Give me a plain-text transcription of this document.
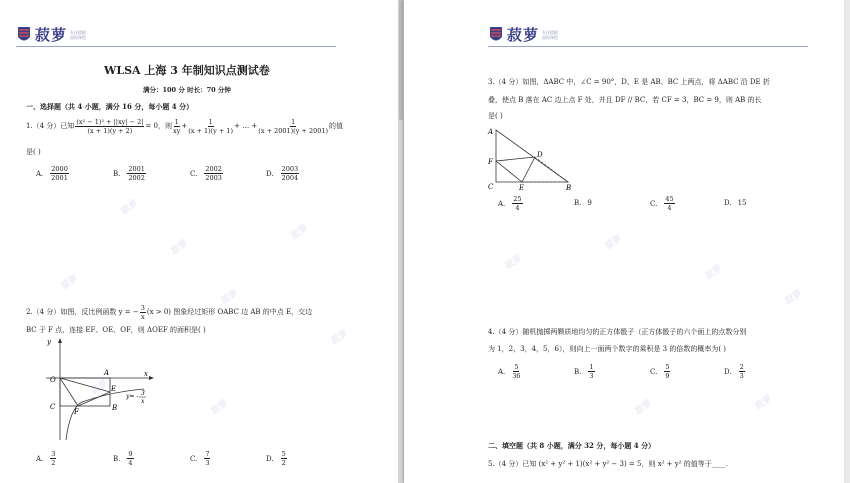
菽萝 专注精细
国际课程
WLSA 上海 3 年制知识点测试卷
满分：100 分 时长：70 分钟
一、选择题（共 4 小题，满分 16 分，每小题 4 分）
1.（4 分）已知 $\frac{\text{(x² − 1)² + ||xy| − 2|}}{(x + 1)(y + 2)} = 0$，则 $\frac{1}{xy} + \frac{1}{(x + 1)(y + 1)}$ + … + $\frac{1}{(x + 2001)(y + 2001)}$ 的值
是( )
A. $\frac{2000}{2001}$	B. $\frac{2001}{2002}$	C. $\frac{2002}{2003}$	D. $\frac{2003}{2004}$
菽萝
菽萝
菽萝
菽萝
菽萝
菽萝
菽萝
菽萝
2.（4 分）如图，反比例函数 y = − $\frac{3}{x} (x > 0)$ 图象经过矩形 OABC 边 AB 的中点 E，交边
BC 于 F 点，连接 EF、OE、OF，则 ΔOEF 的面积是( )
y
x
O
A
B
C
E
F
y= - 3
x
A. $\frac{3}{2}$	B. $\frac{9}{4}$	C. $\frac{7}{3}$	D. $\frac{5}{2}$
菽萝 专注精细
国际课程
3.（4 分）如图，ΔABC 中，∠C = 90°，D、E 是 AB、BC 上两点，将 ΔABC 沿 DE 折
叠，使点 B 落在 AC 边上点 F 处，并且 DF // BC，若 CF = 3，BC = 9，则 AB 的长
是( )
A
F
C
D
E	B
A. $\frac{25}{4}$	B. 9	C. $\frac{45}{4}$	D. 15
菽萝
菽萝
菽萝
菽萝
菽萝	菽萝
4.（4 分）随机抛掷两颗质地均匀的正方体骰子（正方体骰子的六个面上的点数分别
为 1，2，3，4，5，6），则向上一面两个数字的乘积是 3 的倍数的概率为( )
A. $\frac{5}{36}$	B. $\frac{1}{3}$	C. $\frac{5}{9}$	D. $\frac{2}{3}$
二、填空题（共 8 小题，满分 32 分，每小题 4 分）
5.（4 分）已知 (x² + y² + 1)(x² + y² − 3) = 5，则 x² + y² 的值等于____.
